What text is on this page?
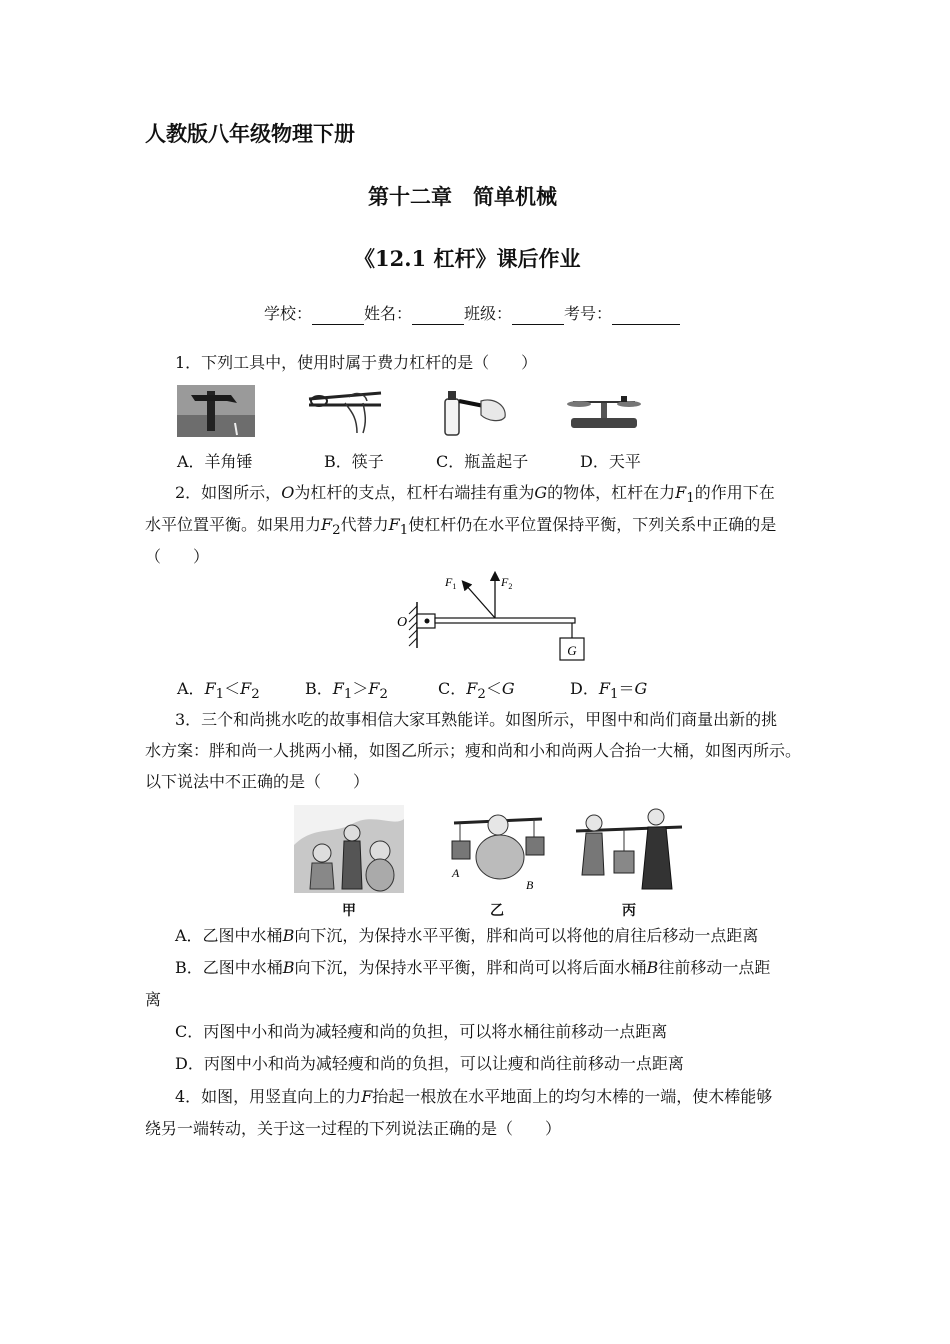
人教版八年级物理下册
第十二章　简单机械
《12.1 杠杆》课后作业
学校：	姓名：	班级：	考号：
1．下列工具中，使用时属于费力杠杆的是（　　）
A．羊角锤	B．筷子	C．瓶盖起子	D．天平
2．如图所示，O为杠杆的支点，杠杆右端挂有重为G的物体，杠杆在力$F_1$的作用下在
水平位置平衡。如果用力$F_2$代替力$F_1$使杠杆仍在水平位置保持平衡，下列关系中正确的是
（　　）
G
O
$F_1$	$F_2$
A．$F_1<F_2$	B．$F_1>F_2$	C．$F_2<G$	D．$F_1=G$
3．三个和尚挑水吃的故事相信大家耳熟能详。如图所示，甲图中和尚们商量出新的挑
水方案：胖和尚一人挑两小桶，如图乙所示；瘦和尚和小和尚两人合抬一大桶，如图丙所示。
以下说法中不正确的是（　　）
A
B
甲	乙	丙
A．乙图中水桶B向下沉，为保持水平平衡，胖和尚可以将他的肩往后移动一点距离
B．乙图中水桶B向下沉，为保持水平平衡，胖和尚可以将后面水桶B往前移动一点距
离
C．丙图中小和尚为减轻瘦和尚的负担，可以将水桶往前移动一点距离
D．丙图中小和尚为减轻瘦和尚的负担，可以让瘦和尚往前移动一点距离
4．如图，用竖直向上的力F抬起一根放在水平地面上的均匀木棒的一端，使木棒能够
绕另一端转动，关于这一过程的下列说法正确的是（　　）
